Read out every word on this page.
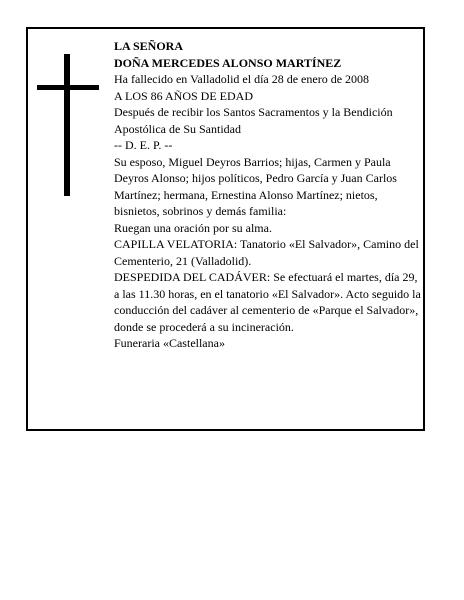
LA SEÑORA

DOÑA MERCEDES ALONSO MARTÍNEZ

Ha fallecido en Valladolid el día 28 de enero de 2008

A LOS 86 AÑOS DE EDAD

Después de recibir los Santos Sacramentos y la Bendición Apostólica de Su Santidad

-- D. E. P. --

Su esposo, Miguel Deyros Barrios; hijas, Carmen y Paula Deyros Alonso; hijos políticos, Pedro García y Juan Carlos Martínez; hermana, Ernestina Alonso Martínez; nietos, bisnietos, sobrinos y demás familia:

Ruegan una oración por su alma.

CAPILLA VELATORIA: Tanatorio «El Salvador», Camino del Cementerio, 21 (Valladolid).

DESPEDIDA DEL CADÁVER: Se efectuará el martes, día 29, a las 11.30 horas, en el tanatorio «El Salvador». Acto seguido la conducción del cadáver al cementerio de «Parque el Salvador», donde se procederá a su incineración.

Funeraria «Castellana»
